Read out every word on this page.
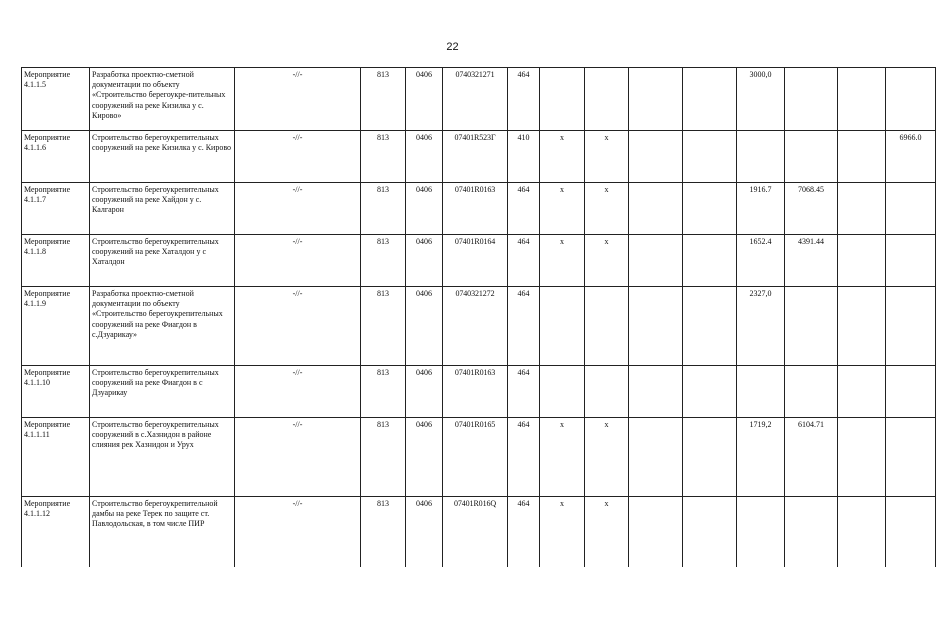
22
Мероприятие 4.1.1.5	Разработка проектно-сметной документации по объекту «Строительство берегоукре-пительных сооружений на реке Кизилка у с. Кирово»	-//-	813	0406	0740321271	464					3000,0			
Мероприятие 4.1.1.6	Строительство берегоукрепительных сооружений на реке Кизилка у с. Кирово	-//-	813	0406	07401R523Г	410	х	х						6966.0
Мероприятие 4.1.1.7	Строительство берегоукрепительных сооружений на реке Хайдон у с. Калгарон	-//-	813	0406	07401R0163	464	х	х			1916.7	7068.45		
Мероприятие 4.1.1.8	Строительство берегоукрепительных сооружений на реке Хаталдон у с Хаталдон	-//-	813	0406	07401R0164	464	х	х			1652.4	4391.44		
Мероприятие 4.1.1.9	Разработка проектно-сметной документации по объекту «Строительство берегоукрепительных сооружений на реке Фиагдон в с.Дзуарикау»	-//-	813	0406	0740321272	464					2327,0			
Мероприятие 4.1.1.10	Строительство берегоукрепительных сооружений на реке Фиагдон в с Дзуарикау	-//-	813	0406	07401R0163	464								
Мероприятие 4.1.1.11	Строительство берегоукрепительных сооружений в с.Хазнидон в районе слияния рек Хазнидон и Урух	-//-	813	0406	07401R0165	464	х	х			1719,2	6104.71		
Мероприятие 4.1.1.12	Строительство берегоукрепительной дамбы на реке Терек по защите ст. Павлодольская, в том числе ПИР	-//-	813	0406	07401R016Q	464	х	х						
